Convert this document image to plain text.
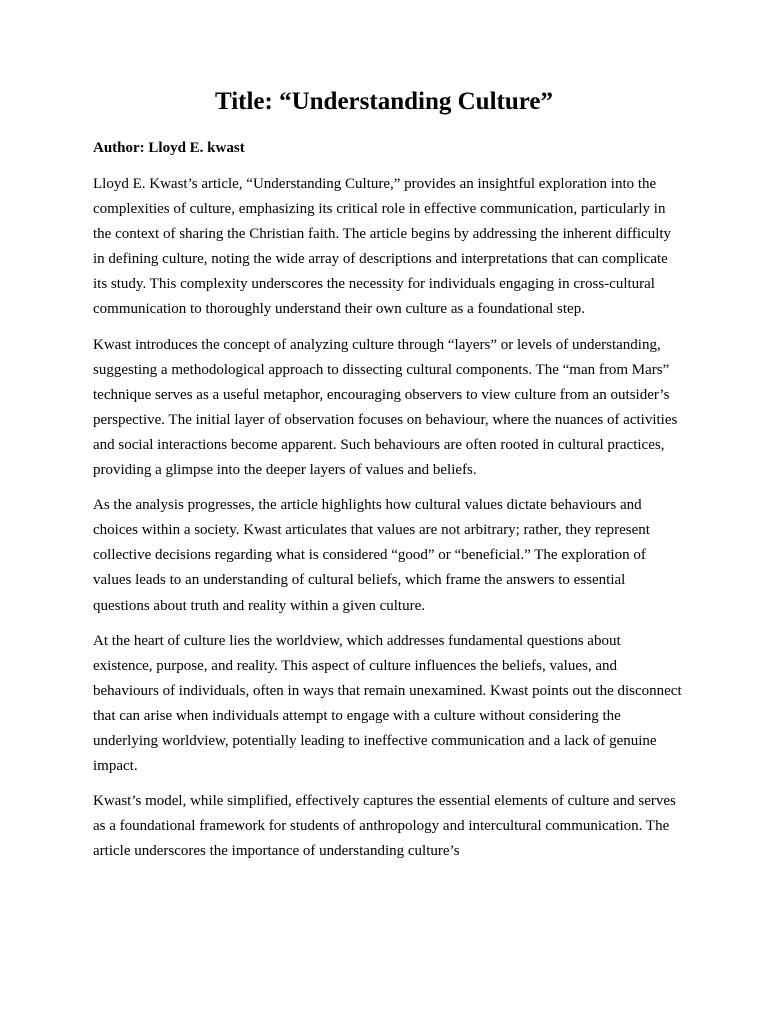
Title: “Understanding Culture”

Author: Lloyd E. kwast

Lloyd E. Kwast’s article, “Understanding Culture,” provides an insightful exploration into the complexities of culture, emphasizing its critical role in effective communication, particularly in the context of sharing the Christian faith. The article begins by addressing the inherent difficulty in defining culture, noting the wide array of descriptions and interpretations that can complicate its study. This complexity underscores the necessity for individuals engaging in cross-cultural communication to thoroughly understand their own culture as a foundational step.

Kwast introduces the concept of analyzing culture through “layers” or levels of understanding, suggesting a methodological approach to dissecting cultural components. The “man from Mars” technique serves as a useful metaphor, encouraging observers to view culture from an outsider’s perspective. The initial layer of observation focuses on behaviour, where the nuances of activities and social interactions become apparent. Such behaviours are often rooted in cultural practices, providing a glimpse into the deeper layers of values and beliefs.

As the analysis progresses, the article highlights how cultural values dictate behaviours and choices within a society. Kwast articulates that values are not arbitrary; rather, they represent collective decisions regarding what is considered “good” or “beneficial.” The exploration of values leads to an understanding of cultural beliefs, which frame the answers to essential questions about truth and reality within a given culture.

At the heart of culture lies the worldview, which addresses fundamental questions about existence, purpose, and reality. This aspect of culture influences the beliefs, values, and behaviours of individuals, often in ways that remain unexamined. Kwast points out the disconnect that can arise when individuals attempt to engage with a culture without considering the underlying worldview, potentially leading to ineffective communication and a lack of genuine impact.

Kwast’s model, while simplified, effectively captures the essential elements of culture and serves as a foundational framework for students of anthropology and intercultural communication. The article underscores the importance of understanding culture’s
